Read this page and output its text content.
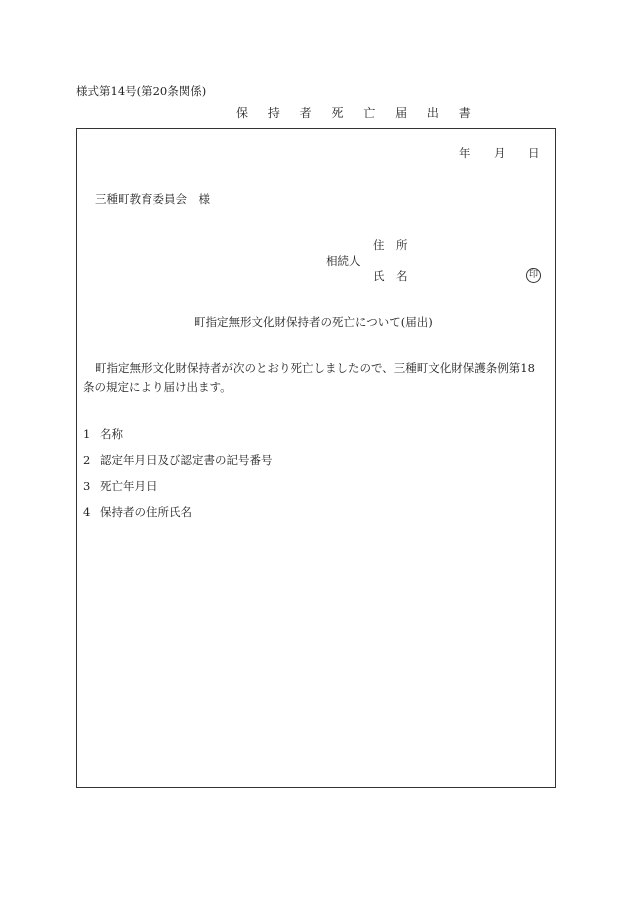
様式第14号(第20条関係)
保 持 者 死 亡 届 出 書
年 月 日
三種町教育委員会　様
住　所
相続人
氏　名	印
町指定無形文化財保持者の死亡について(届出)
町指定無形文化財保持者が次のとおり死亡しましたので、三種町文化財保護条例第18
条の規定により届け出ます。
1 名称
2 認定年月日及び認定書の記号番号
3 死亡年月日
4 保持者の住所氏名
